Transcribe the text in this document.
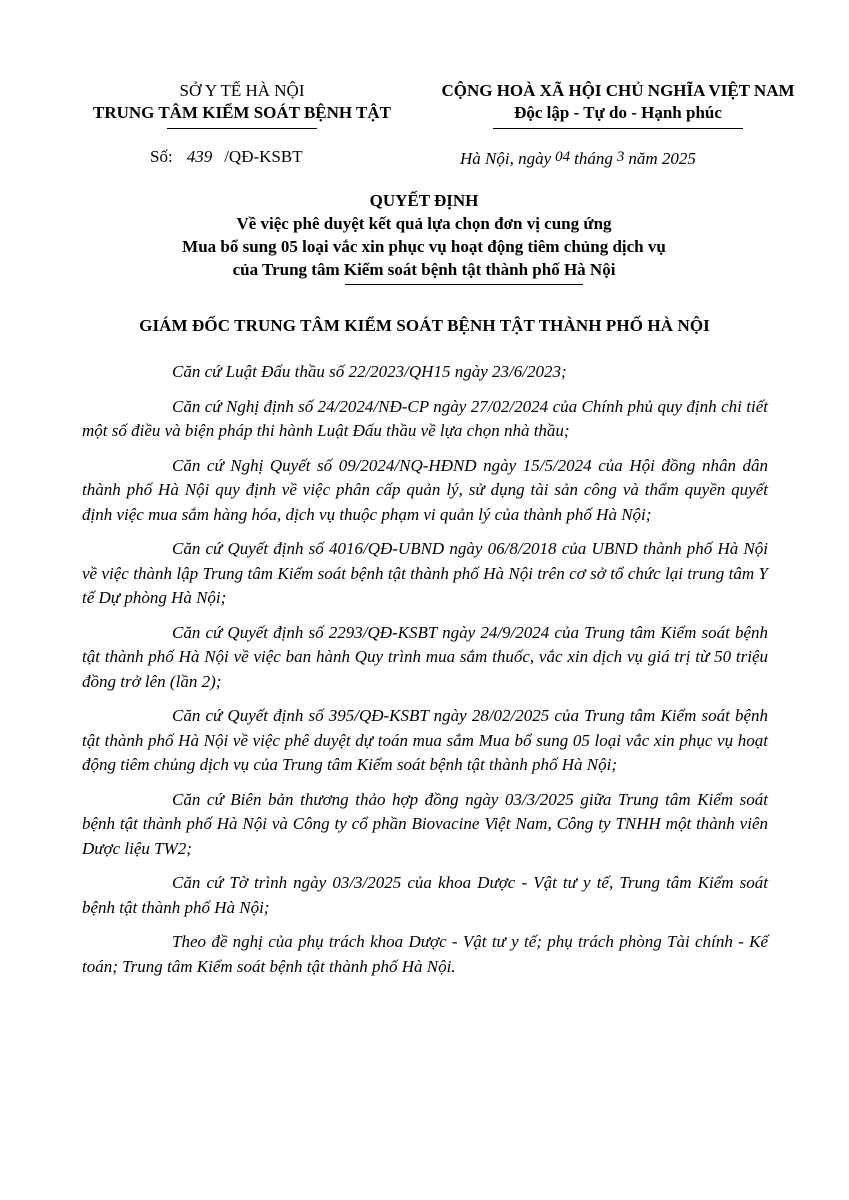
SỞ Y TẾ HÀ NỘI
TRUNG TÂM KIỂM SOÁT BỆNH TẬT
CỘNG HOÀ XÃ HỘI CHỦ NGHĨA VIỆT NAM
Độc lập - Tự do - Hạnh phúc
Số: 439 /QĐ-KSBT	Hà Nội, ngày 04 tháng 3 năm 2025
QUYẾT ĐỊNH
Về việc phê duyệt kết quả lựa chọn đơn vị cung ứng
Mua bổ sung 05 loại vắc xin phục vụ hoạt động tiêm chủng dịch vụ
của Trung tâm Kiểm soát bệnh tật thành phố Hà Nội
GIÁM ĐỐC TRUNG TÂM KIỂM SOÁT BỆNH TẬT THÀNH PHỐ HÀ NỘI

Căn cứ Luật Đấu thầu số 22/2023/QH15 ngày 23/6/2023;

Căn cứ Nghị định số 24/2024/NĐ-CP ngày 27/02/2024 của Chính phủ quy định chi tiết một số điều và biện pháp thi hành Luật Đấu thầu về lựa chọn nhà thầu;

Căn cứ Nghị Quyết số 09/2024/NQ-HĐND ngày 15/5/2024 của Hội đồng nhân dân thành phố Hà Nội quy định về việc phân cấp quản lý, sử dụng tài sản công và thẩm quyền quyết định việc mua sắm hàng hóa, dịch vụ thuộc phạm vi quản lý của thành phố Hà Nội;

Căn cứ Quyết định số 4016/QĐ-UBND ngày 06/8/2018 của UBND thành phố Hà Nội về việc thành lập Trung tâm Kiểm soát bệnh tật thành phố Hà Nội trên cơ sở tổ chức lại trung tâm Y tế Dự phòng Hà Nội;

Căn cứ Quyết định số 2293/QĐ-KSBT ngày 24/9/2024 của Trung tâm Kiểm soát bệnh tật thành phố Hà Nội về việc ban hành Quy trình mua sắm thuốc, vắc xin dịch vụ giá trị từ 50 triệu đồng trở lên (lần 2);

Căn cứ Quyết định số 395/QĐ-KSBT ngày 28/02/2025 của Trung tâm Kiểm soát bệnh tật thành phố Hà Nội về việc phê duyệt dự toán mua sắm Mua bổ sung 05 loại vắc xin phục vụ hoạt động tiêm chủng dịch vụ của Trung tâm Kiểm soát bệnh tật thành phố Hà Nội;

Căn cứ Biên bản thương thảo hợp đồng ngày 03/3/2025 giữa Trung tâm Kiểm soát bệnh tật thành phố Hà Nội và Công ty cổ phần Biovacine Việt Nam, Công ty TNHH một thành viên Dược liệu TW2;

Căn cứ Tờ trình ngày 03/3/2025 của khoa Dược - Vật tư y tế, Trung tâm Kiểm soát bệnh tật thành phố Hà Nội;

Theo đề nghị của phụ trách khoa Dược - Vật tư y tế; phụ trách phòng Tài chính - Kế toán; Trung tâm Kiểm soát bệnh tật thành phố Hà Nội.
